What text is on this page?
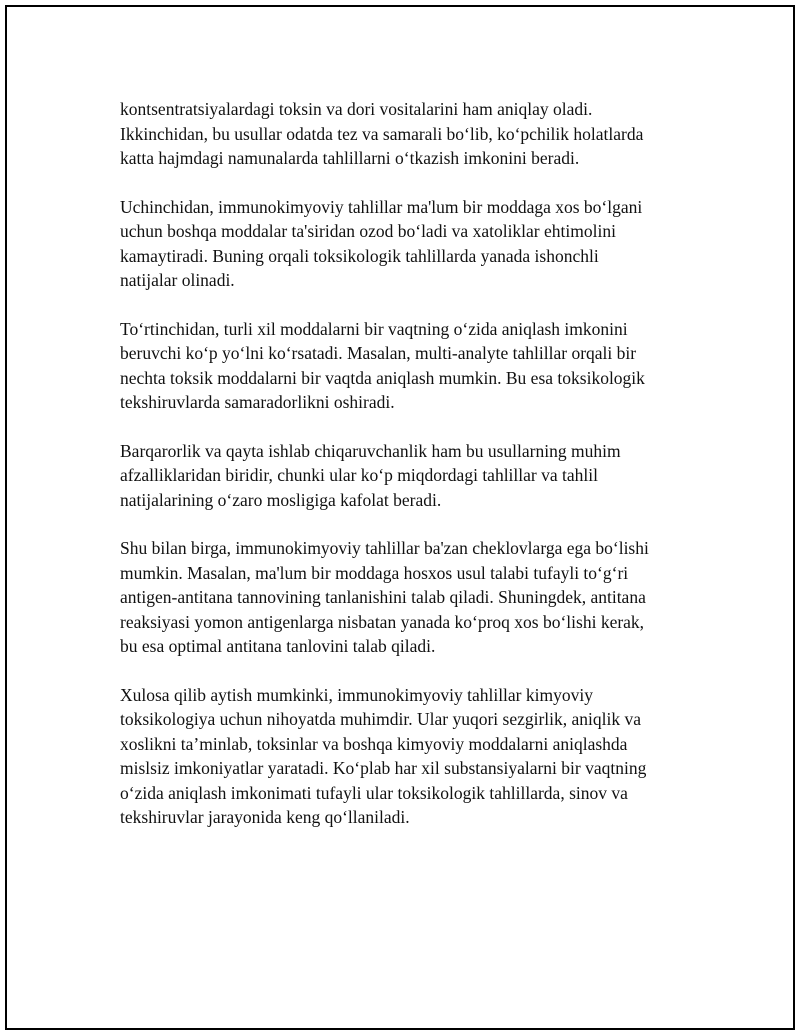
kontsentratsiyalardagi toksin va dori vositalarini ham aniqlay oladi.
Ikkinchidan, bu usullar odatda tez va samarali bo‘lib, ko‘pchilik holatlarda
katta hajmdagi namunalarda tahlillarni o‘tkazish imkonini beradi.

Uchinchidan, immunokimyoviy tahlillar ma'lum bir moddaga xos bo‘lgani
uchun boshqa moddalar ta'siridan ozod bo‘ladi va xatoliklar ehtimolini
kamaytiradi. Buning orqali toksikologik tahlillarda yanada ishonchli
natijalar olinadi.

To‘rtinchidan, turli xil moddalarni bir vaqtning o‘zida aniqlash imkonini
beruvchi ko‘p yo‘lni ko‘rsatadi. Masalan, multi-analyte tahlillar orqali bir
nechta toksik moddalarni bir vaqtda aniqlash mumkin. Bu esa toksikologik
tekshiruvlarda samaradorlikni oshiradi.

Barqarorlik va qayta ishlab chiqaruvchanlik ham bu usullarning muhim
afzalliklaridan biridir, chunki ular ko‘p miqdordagi tahlillar va tahlil
natijalarining o‘zaro mosligiga kafolat beradi.

Shu bilan birga, immunokimyoviy tahlillar ba'zan cheklovlarga ega bo‘lishi
mumkin. Masalan, ma'lum bir moddaga hosxos usul talabi tufayli to‘g‘ri
antigen-antitana tannovining tanlanishini talab qiladi. Shuningdek, antitana
reaksiyasi yomon antigenlarga nisbatan yanada ko‘proq xos bo‘lishi kerak,
bu esa optimal antitana tanlovini talab qiladi.

Xulosa qilib aytish mumkinki, immunokimyoviy tahlillar kimyoviy
toksikologiya uchun nihoyatda muhimdir. Ular yuqori sezgirlik, aniqlik va
xoslikni ta’minlab, toksinlar va boshqa kimyoviy moddalarni aniqlashda
mislsiz imkoniyatlar yaratadi. Ko‘plab har xil substansiyalarni bir vaqtning
o‘zida aniqlash imkonimati tufayli ular toksikologik tahlillarda, sinov va
tekshiruvlar jarayonida keng qo‘llaniladi.
